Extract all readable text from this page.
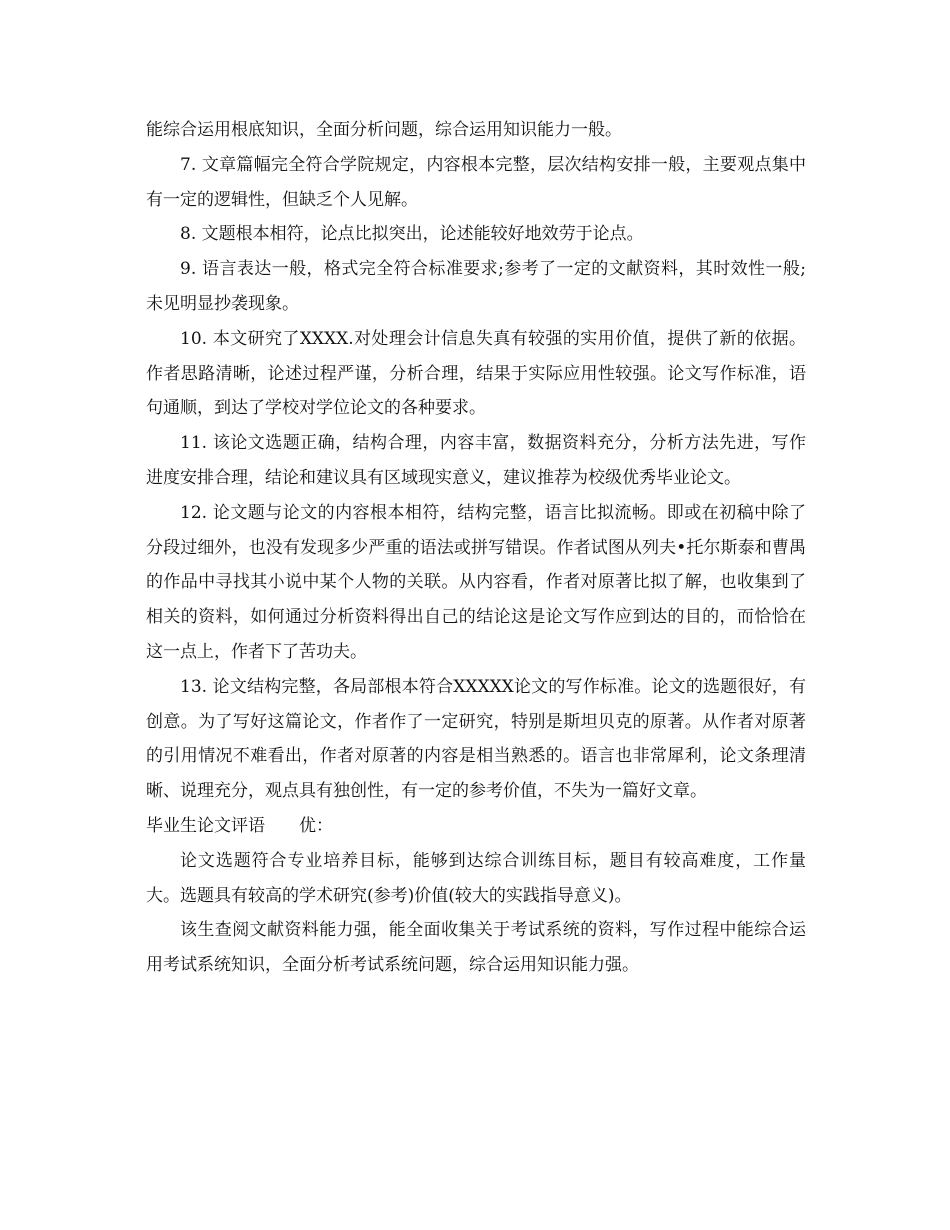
能综合运用根底知识，全面分析问题，综合运用知识能力一般。

7. 文章篇幅完全符合学院规定，内容根本完整，层次结构安排一般，主要观点集中有一定的逻辑性，但缺乏个人见解。

8. 文题根本相符，论点比拟突出，论述能较好地效劳于论点。

9. 语言表达一般，格式完全符合标准要求;参考了一定的文献资料，其时效性一般;未见明显抄袭现象。

10. 本文研究了XXXX.对处理会计信息失真有较强的实用价值，提供了新的依据。作者思路清晰，论述过程严谨，分析合理，结果于实际应用性较强。论文写作标准，语句通顺，到达了学校对学位论文的各种要求。

11. 该论文选题正确，结构合理，内容丰富，数据资料充分，分析方法先进，写作进度安排合理，结论和建议具有区域现实意义，建议推荐为校级优秀毕业论文。

12. 论文题与论文的内容根本相符，结构完整，语言比拟流畅。即或在初稿中除了分段过细外，也没有发现多少严重的语法或拼写错误。作者试图从列夫•托尔斯泰和曹禺的作品中寻找其小说中某个人物的关联。从内容看，作者对原著比拟了解，也收集到了相关的资料，如何通过分析资料得出自己的结论这是论文写作应到达的目的，而恰恰在这一点上，作者下了苦功夫。

13. 论文结构完整，各局部根本符合XXXXX论文的写作标准。论文的选题很好，有创意。为了写好这篇论文，作者作了一定研究，特别是斯坦贝克的原著。从作者对原著的引用情况不难看出，作者对原著的内容是相当熟悉的。语言也非常犀利，论文条理清晰、说理充分，观点具有独创性，有一定的参考价值，不失为一篇好文章。

毕业生论文评语 优：

论文选题符合专业培养目标，能够到达综合训练目标，题目有较高难度，工作量大。选题具有较高的学术研究(参考)价值(较大的实践指导意义)。

该生查阅文献资料能力强，能全面收集关于考试系统的资料，写作过程中能综合运用考试系统知识，全面分析考试系统问题，综合运用知识能力强。
